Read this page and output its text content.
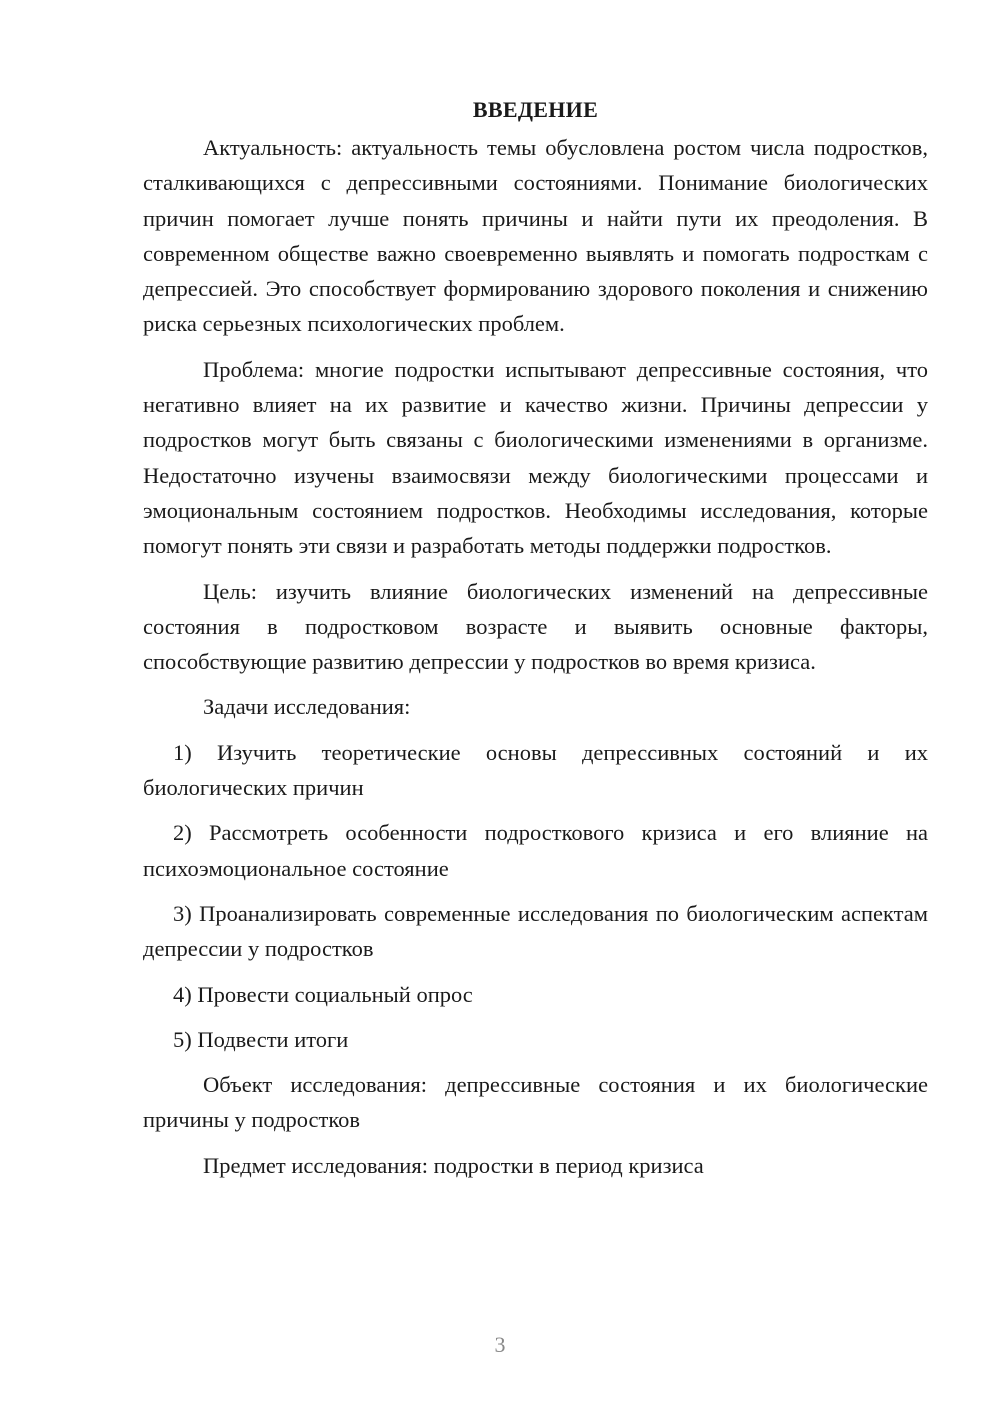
ВВЕДЕНИЕ

Актуальность: актуальность темы обусловлена ростом числа подростков, сталкивающихся с депрессивными состояниями. Понимание биологических причин помогает лучше понять причины и найти пути их преодоления. В современном обществе важно своевременно выявлять и помогать подросткам с депрессией. Это способствует формированию здорового поколения и снижению риска серьезных психологических проблем.

Проблема: многие подростки испытывают депрессивные состояния, что негативно влияет на их развитие и качество жизни. Причины депрессии у подростков могут быть связаны с биологическими изменениями в организме. Недостаточно изучены взаимосвязи между биологическими процессами и эмоциональным состоянием подростков. Необходимы исследования, которые помогут понять эти связи и разработать методы поддержки подростков.

Цель: изучить влияние биологических изменений на депрессивные состояния в подростковом возрасте и выявить основные факторы, способствующие развитию депрессии у подростков во время кризиса.

Задачи исследования:

1) Изучить теоретические основы депрессивных состояний и их биологических причин

2) Рассмотреть особенности подросткового кризиса и его влияние на психоэмоциональное состояние

3) Проанализировать современные исследования по биологическим аспектам депрессии у подростков

4) Провести социальный опрос

5) Подвести итоги

Объект исследования: депрессивные состояния и их биологические причины у подростков

Предмет исследования: подростки в период кризиса

3
